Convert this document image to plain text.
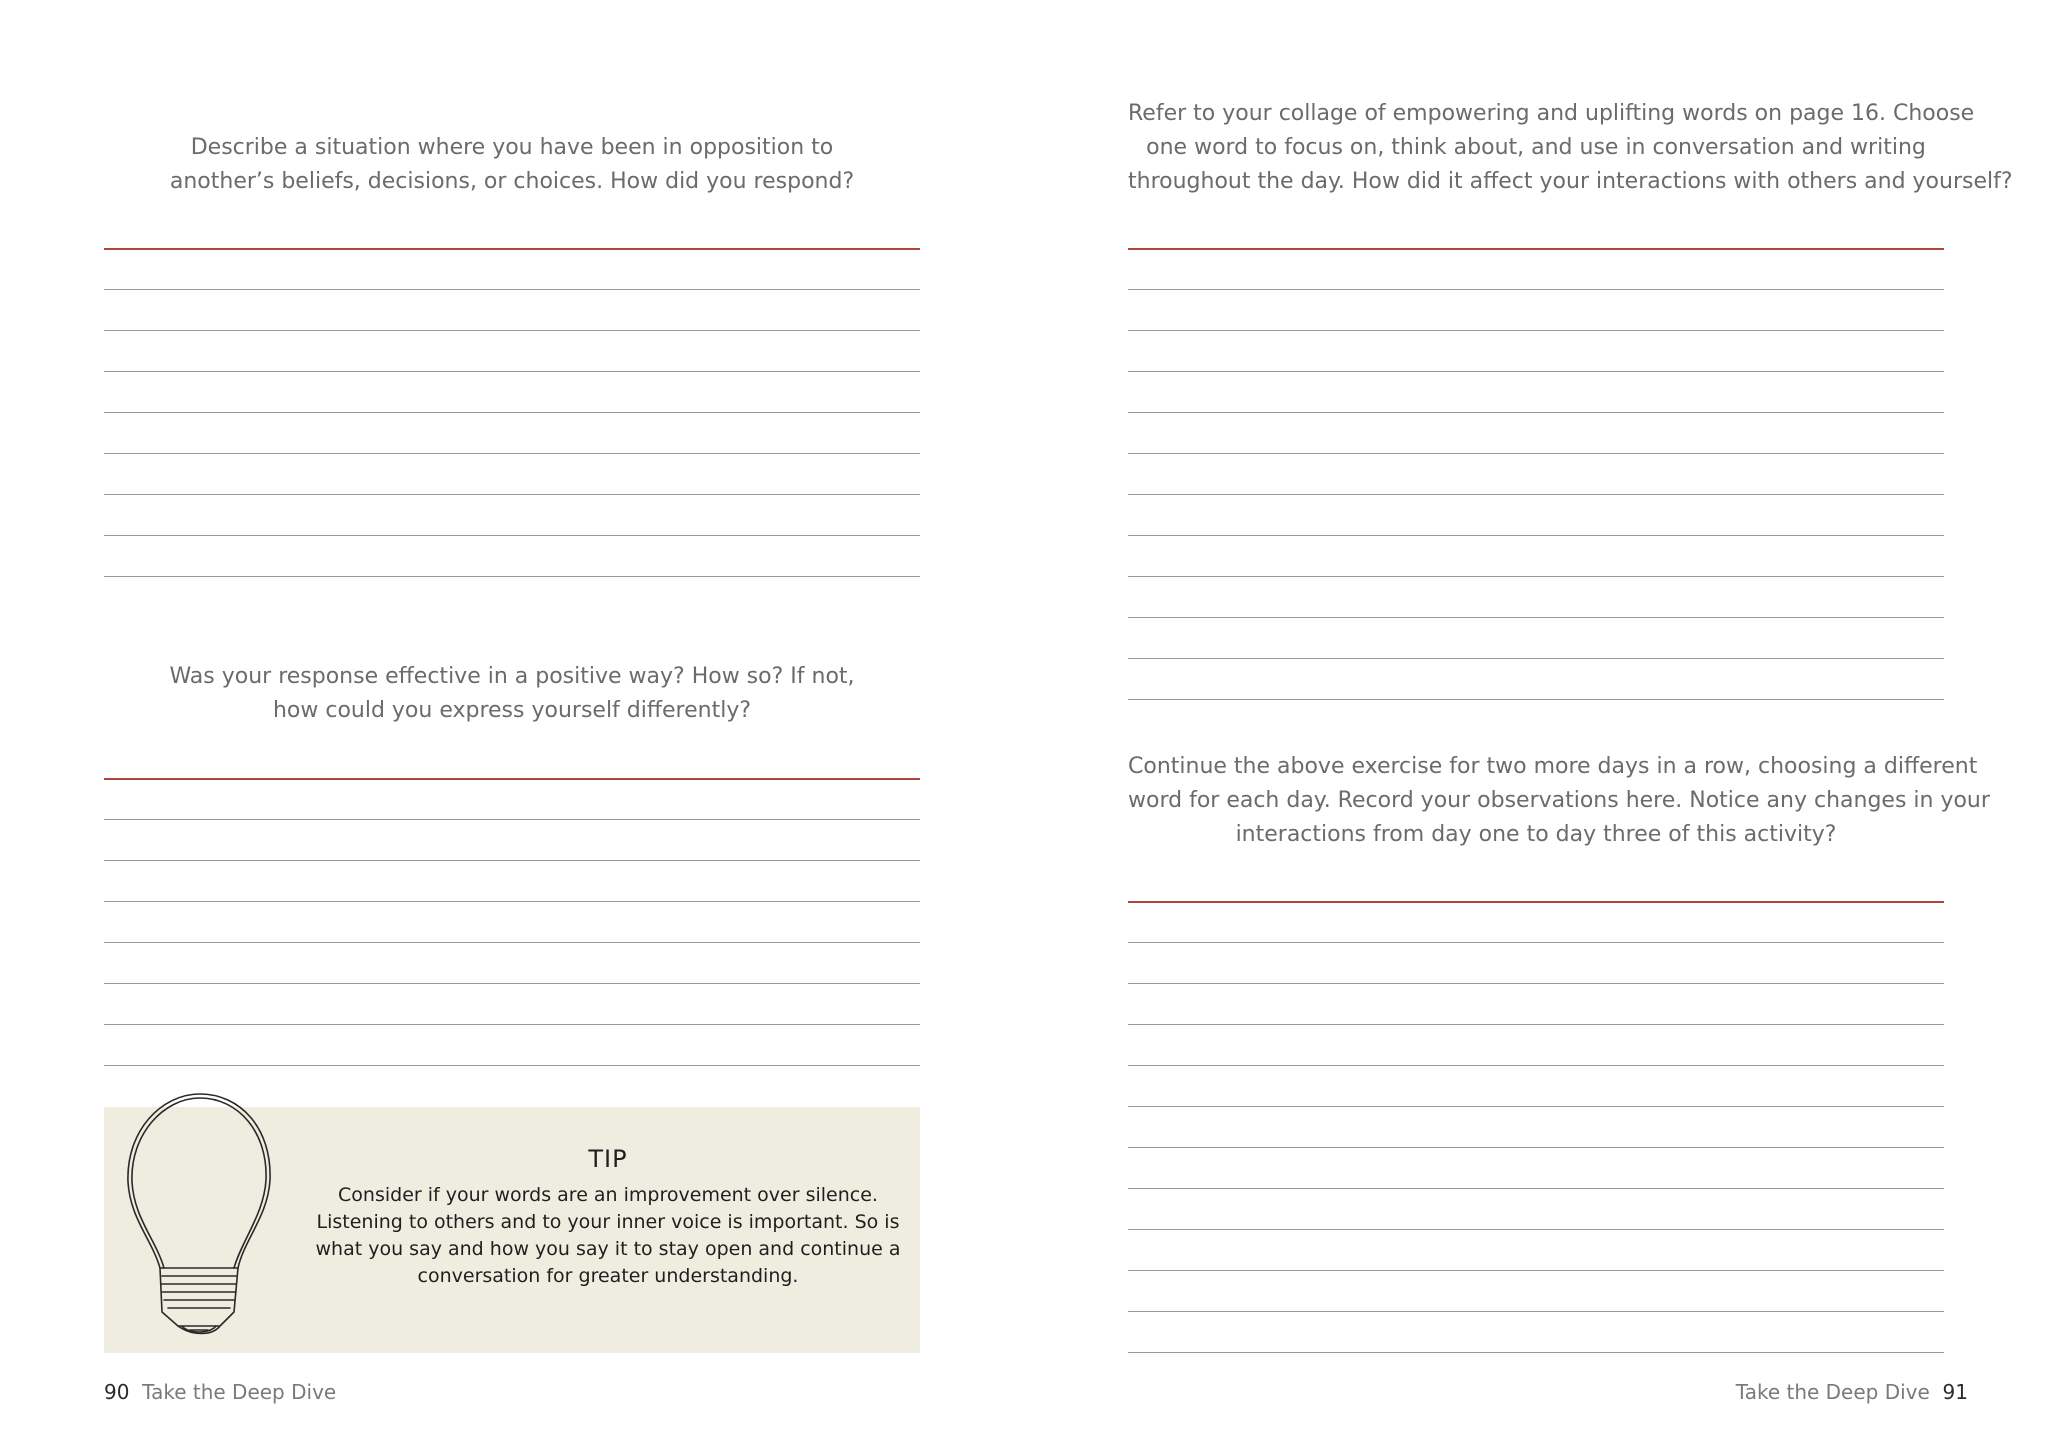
Describe a situation where you have been in opposition to
another’s beliefs, decisions, or choices. How did you respond?
Was your response effective in a positive way? How so? If not,
how could you express yourself differently?
TIP
Consider if your words are an improvement over silence.
Listening to others and to your inner voice is important. So is
what you say and how you say it to stay open and continue a
conversation for greater understanding.
90 Take the Deep Dive
Refer to your collage of empowering and uplifting words on page 16. Choose
one word to focus on, think about, and use in conversation and writing
throughout the day. How did it affect your interactions with others and yourself?
Continue the above exercise for two more days in a row, choosing a different
word for each day. Record your observations here. Notice any changes in your
interactions from day one to day three of this activity?
Take the Deep Dive 91
